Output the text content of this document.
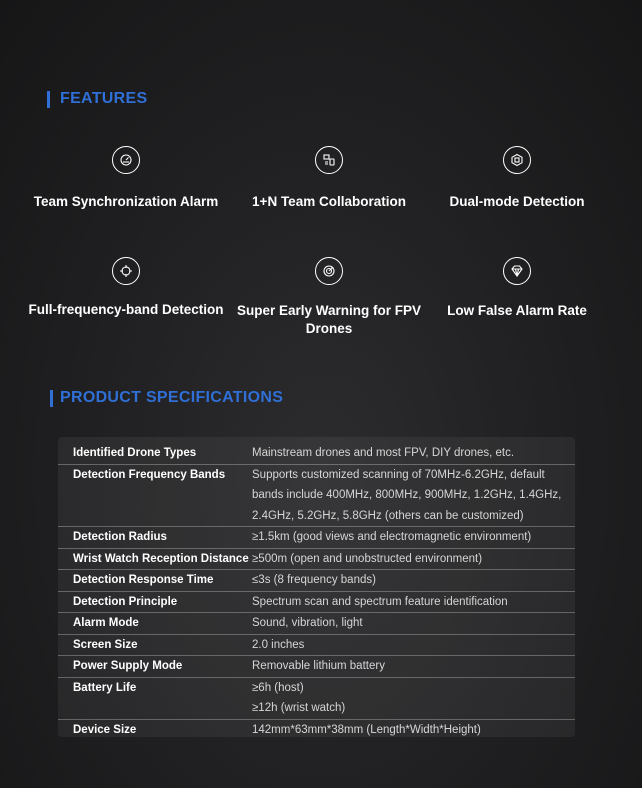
FEATURES
Team Synchronization Alarm	1+N Team Collaboration	Dual-mode Detection
Full-frequency-band Detection Super Early Warning for FPV Drones
Low False Alarm Rate
PRODUCT SPECIFICATIONS
Identified Drone Types	Mainstream drones and most FPV, DIY drones, etc.
Detection Frequency Bands	Supports customized scanning of 70MHz-6.2GHz, default
bands include 400MHz, 800MHz, 900MHz, 1.2GHz, 1.4GHz,
2.4GHz, 5.2GHz, 5.8GHz (others can be customized)
Detection Radius	≥1.5km (good views and electromagnetic environment)
Wrist Watch Reception Distance ≥500m (open and unobstructed environment)
Detection Response Time	≤3s (8 frequency bands)
Detection Principle	Spectrum scan and spectrum feature identification
Alarm Mode	Sound, vibration, light
Screen Size	2.0 inches
Power Supply Mode	Removable lithium battery
Battery Life	≥6h (host)
≥12h (wrist watch)
Device Size	142mm*63mm*38mm (Length*Width*Height)
